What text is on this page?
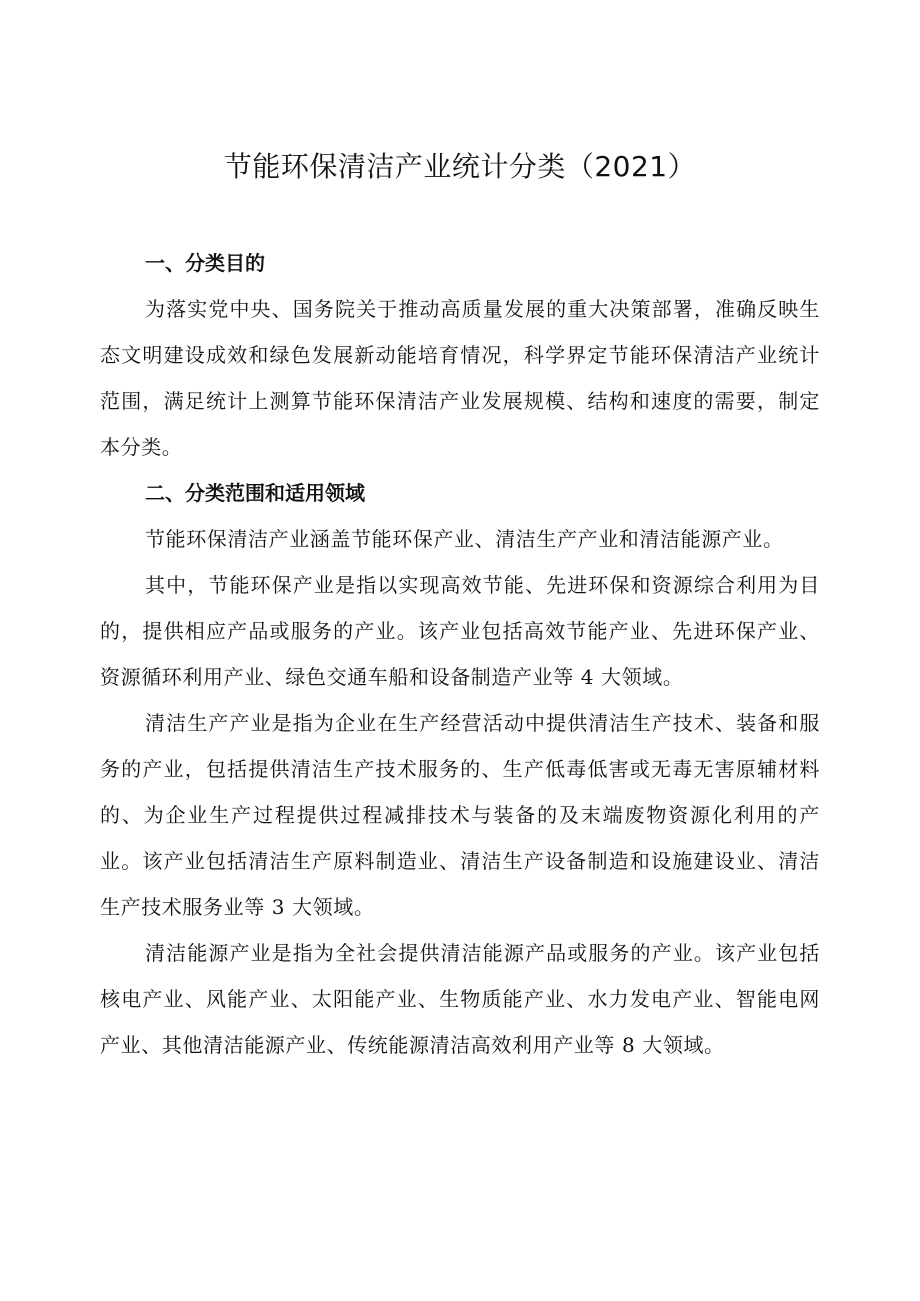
节能环保清洁产业统计分类（2021）
一、分类目的

为落实党中央、国务院关于推动高质量发展的重大决策部署，准确反映生态文明建设成效和绿色发展新动能培育情况，科学界定节能环保清洁产业统计范围，满足统计上测算节能环保清洁产业发展规模、结构和速度的需要，制定本分类。

二、分类范围和适用领域

节能环保清洁产业涵盖节能环保产业、清洁生产产业和清洁能源产业。

其中，节能环保产业是指以实现高效节能、先进环保和资源综合利用为目的，提供相应产品或服务的产业。该产业包括高效节能产业、先进环保产业、资源循环利用产业、绿色交通车船和设备制造产业等 4 大领域。

清洁生产产业是指为企业在生产经营活动中提供清洁生产技术、装备和服务的产业，包括提供清洁生产技术服务的、生产低毒低害或无毒无害原辅材料的、为企业生产过程提供过程减排技术与装备的及末端废物资源化利用的产业。该产业包括清洁生产原料制造业、清洁生产设备制造和设施建设业、清洁生产技术服务业等 3 大领域。

清洁能源产业是指为全社会提供清洁能源产品或服务的产业。该产业包括核电产业、风能产业、太阳能产业、生物质能产业、水力发电产业、智能电网产业、其他清洁能源产业、传统能源清洁高效利用产业等 8 大领域。
